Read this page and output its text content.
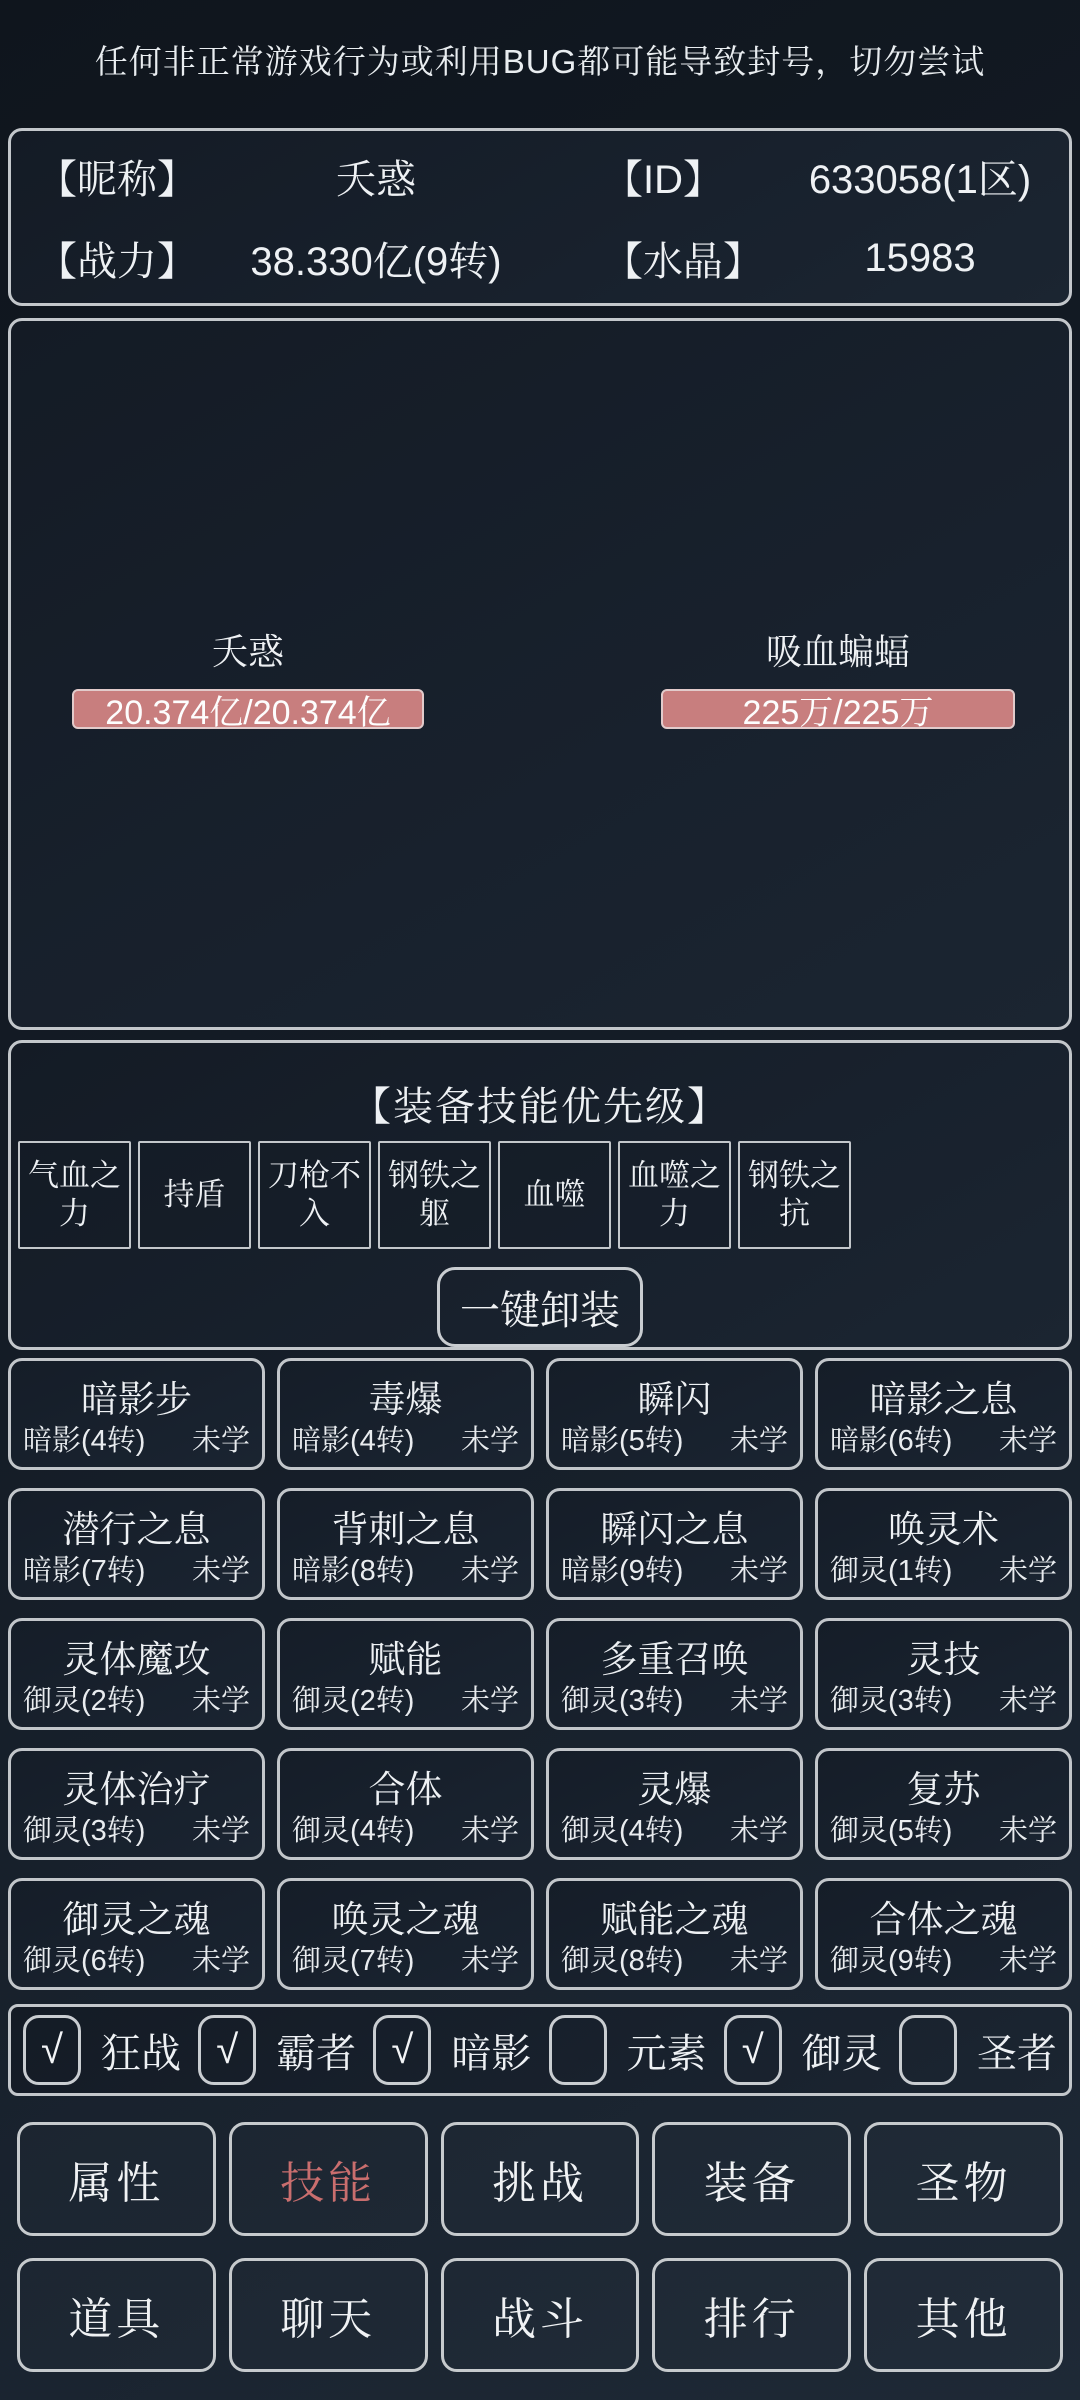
任何非正常游戏行为或利用BUG都可能导致封号，切勿尝试
【昵称】	夭惑	【ID】	633058(1区)
【战力】	38.330亿(9转)	【水晶】	15983
夭惑
20.374亿/20.374亿
吸血蝙蝠
225万/225万
【装备技能优先级】
气血之力
持盾
刀枪不入
钢铁之躯
血噬
血噬之力
钢铁之抗
一键卸装
暗影步
暗影(4转) 未学
毒爆
暗影(4转) 未学
瞬闪
暗影(5转) 未学
暗影之息
暗影(6转) 未学
潜行之息
暗影(7转) 未学
背刺之息
暗影(8转) 未学
瞬闪之息
暗影(9转) 未学
唤灵术
御灵(1转) 未学
灵体魔攻
御灵(2转) 未学
赋能
御灵(2转) 未学
多重召唤
御灵(3转) 未学
灵技
御灵(3转) 未学
灵体治疗
御灵(3转) 未学
合体
御灵(4转) 未学
灵爆
御灵(4转) 未学
复苏
御灵(5转) 未学
御灵之魂
御灵(6转) 未学
唤灵之魂
御灵(7转) 未学
赋能之魂
御灵(8转) 未学
合体之魂
御灵(9转) 未学
√ 狂战 √ 霸者 √ 暗影 元素 √ 御灵 圣者
属性	技能	挑战	装备	圣物
道具	聊天	战斗	排行	其他
